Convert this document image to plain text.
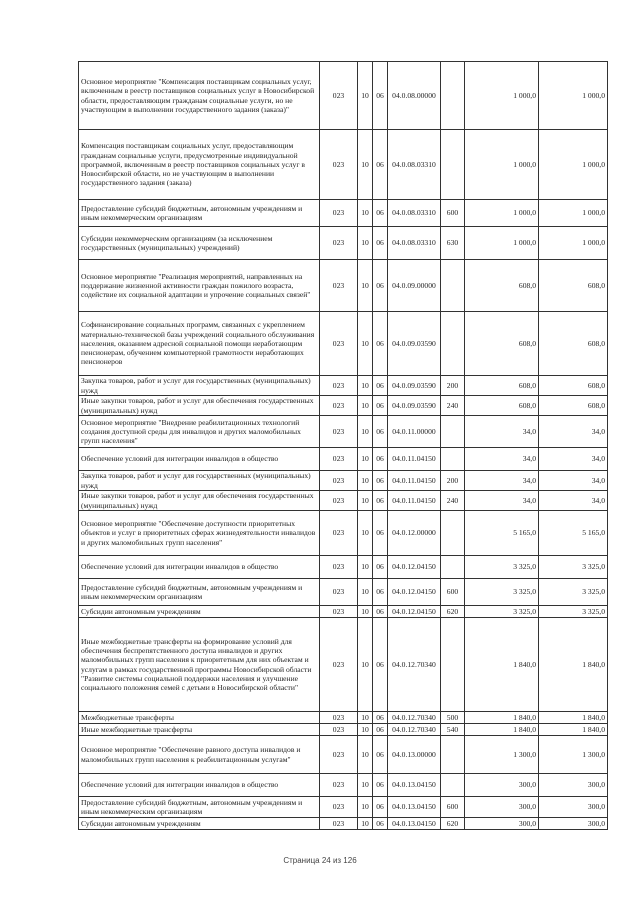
Основное мероприятие "Компенсация поставщикам социальных услуг, включенным в реестр поставщиков социальных услуг в Новосибирской области, предоставляющим гражданам социальные услуги, но не участвующим в выполнении государственного задания (заказа)"	023	10	06	04.0.08.00000		1 000,0	1 000,0
Компенсация поставщикам социальных услуг, предоставляющим гражданам социальные услуги, предусмотренные индивидуальной программой, включенным в реестр поставщиков социальных услуг в Новосибирской области, но не участвующим в выполнении государственного задания (заказа)	023	10	06	04.0.08.03310		1 000,0	1 000,0
Предоставление субсидий бюджетным, автономным учреждениям и иным некоммерческим организациям	023	10	06	04.0.08.03310	600	1 000,0	1 000,0
Субсидии некоммерческим организациям (за исключением государственных (муниципальных) учреждений)	023	10	06	04.0.08.03310	630	1 000,0	1 000,0
Основное мероприятие "Реализация мероприятий, направленных на поддержание жизненной активности граждан пожилого возраста, содействие их социальной адаптации и упрочение социальных связей"	023	10	06	04.0.09.00000		608,0	608,0
Софинансирование социальных программ, связанных с укреплением материально-технической базы учреждений социального обслуживания населения, оказанием адресной социальной помощи неработающим пенсионерам, обучением компьютерной грамотности неработающих пенсионеров	023	10	06	04.0.09.03590		608,0	608,0
Закупка товаров, работ и услуг для государственных (муниципальных) нужд	023	10	06	04.0.09.03590	200	608,0	608,0
Иные закупки товаров, работ и услуг для обеспечения государственных (муниципальных) нужд	023	10	06	04.0.09.03590	240	608,0	608,0
Основное мероприятие "Внедрение реабилитационных технологий создания доступной среды для инвалидов и других маломобильных групп населения"	023	10	06	04.0.11.00000		34,0	34,0
Обеспечение условий для интеграции инвалидов в общество	023	10	06	04.0.11.04150		34,0	34,0
Закупка товаров, работ и услуг для государственных (муниципальных) нужд	023	10	06	04.0.11.04150	200	34,0	34,0
Иные закупки товаров, работ и услуг для обеспечения государственных (муниципальных) нужд	023	10	06	04.0.11.04150	240	34,0	34,0
Основное мероприятие "Обеспечение доступности приоритетных объектов и услуг в приоритетных сферах жизнедеятельности инвалидов и других маломобильных групп населения"	023	10	06	04.0.12.00000		5 165,0	5 165,0
Обеспечение условий для интеграции инвалидов в общество	023	10	06	04.0.12.04150		3 325,0	3 325,0
Предоставление субсидий бюджетным, автономным учреждениям и иным некоммерческим организациям	023	10	06	04.0.12.04150	600	3 325,0	3 325,0
Субсидии автономным учреждениям	023	10	06	04.0.12.04150	620	3 325,0	3 325,0
Иные межбюджетные трансферты на формирование условий для обеспечения беспрепятственного доступа инвалидов и других маломобильных групп населения к приоритетным для них объектам и услугам в рамках государственной программы Новосибирской области "Развитие системы социальной поддержки населения и улучшение социального положения семей с детьми в Новосибирской области"	023	10	06	04.0.12.70340		1 840,0	1 840,0
Межбюджетные трансферты	023	10	06	04.0.12.70340	500	1 840,0	1 840,0
Иные межбюджетные трансферты	023	10	06	04.0.12.70340	540	1 840,0	1 840,0
Основное мероприятие "Обеспечение равного доступа инвалидов и маломобильных групп населения к реабилитационным услугам"	023	10	06	04.0.13.00000		1 300,0	1 300,0
Обеспечение условий для интеграции инвалидов в общество	023	10	06	04.0.13.04150		300,0	300,0
Предоставление субсидий бюджетным, автономным учреждениям и иным некоммерческим организациям	023	10	06	04.0.13.04150	600	300,0	300,0
Субсидии автономным учреждениям	023	10	06	04.0.13.04150	620	300,0	300,0
Страница 24 из 126
